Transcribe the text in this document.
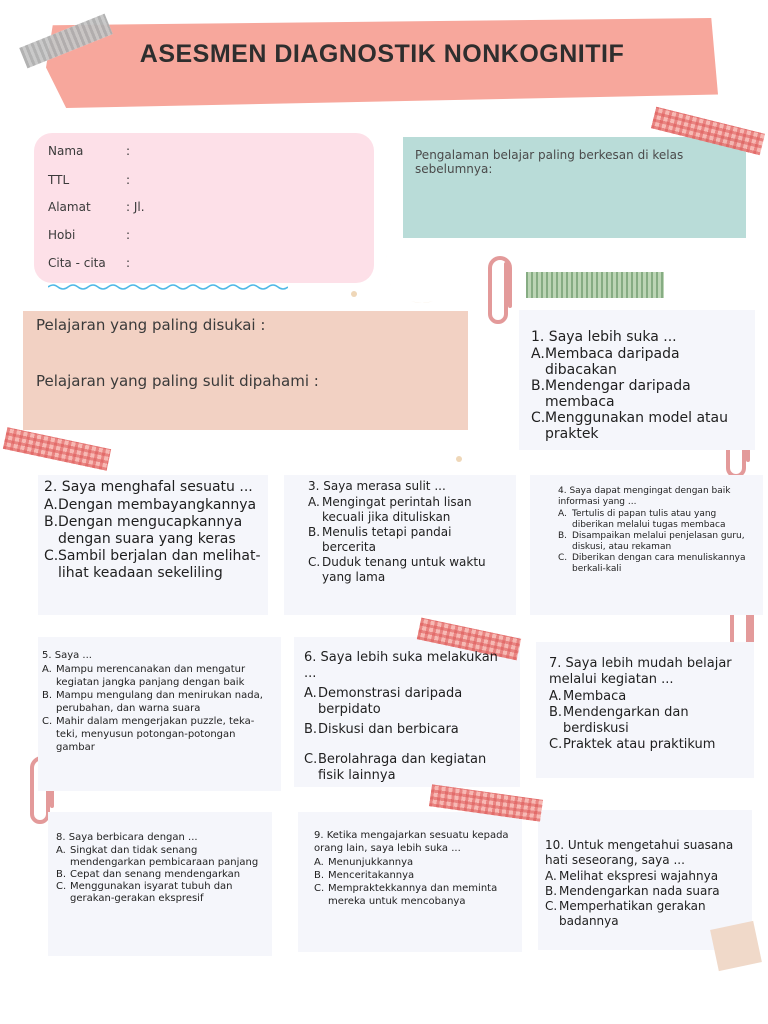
ASESMEN DIAGNOSTIK NONKOGNITIF
Nama	:
TTL	:
Alamat	: Jl.
Hobi	:
Cita - cita :
Pengalaman belajar paling berkesan di kelas sebelumnya:
Pelajaran yang paling disukai :
Pelajaran yang paling sulit dipahami :
1. Saya lebih suka ...
A.Membaca daripada dibacakan
B.Mendengar daripada membaca
C.Menggunakan model atau praktek
2. Saya menghafal sesuatu ...
A.Dengan membayangkannya
B.Dengan mengucapkannya dengan suara yang keras
C.Sambil berjalan dan melihat-lihat keadaan sekeliling
3. Saya merasa sulit ...
A. Mengingat perintah lisan kecuali jika dituliskan
B. Menulis tetapi pandai bercerita
C. Duduk tenang untuk waktu yang lama
4. Saya dapat mengingat dengan baik informasi yang ...
A. Tertulis di papan tulis atau yang diberikan melalui tugas membaca
B. Disampaikan melalui penjelasan guru, diskusi, atau rekaman
C. Diberikan dengan cara menuliskannya berkali-kali
5. Saya ...
A. Mampu merencanakan dan mengatur kegiatan jangka panjang dengan baik
B. Mampu mengulang dan menirukan nada, perubahan, dan warna suara
C. Mahir dalam mengerjakan puzzle, teka-teki, menyusun potongan-potongan gambar
6. Saya lebih suka melakukan ...
A.Demonstrasi daripada berpidato
B.Diskusi dan berbicara
C.Berolahraga dan kegiatan fisik lainnya
7. Saya lebih mudah belajar melalui kegiatan ...
A.Membaca
B.Mendengarkan dan berdiskusi
C.Praktek atau praktikum
8. Saya berbicara dengan ...
A. Singkat dan tidak senang mendengarkan pembicaraan panjang
B. Cepat dan senang mendengarkan
C. Menggunakan isyarat tubuh dan gerakan-gerakan ekspresif
9. Ketika mengajarkan sesuatu kepada orang lain, saya lebih suka ...
A. Menunjukkannya
B. Menceritakannya
C. Mempraktekkannya dan meminta mereka untuk mencobanya
10. Untuk mengetahui suasana hati seseorang, saya ...
A. Melihat ekspresi wajahnya
B. Mendengarkan nada suara
C. Memperhatikan gerakan badannya
